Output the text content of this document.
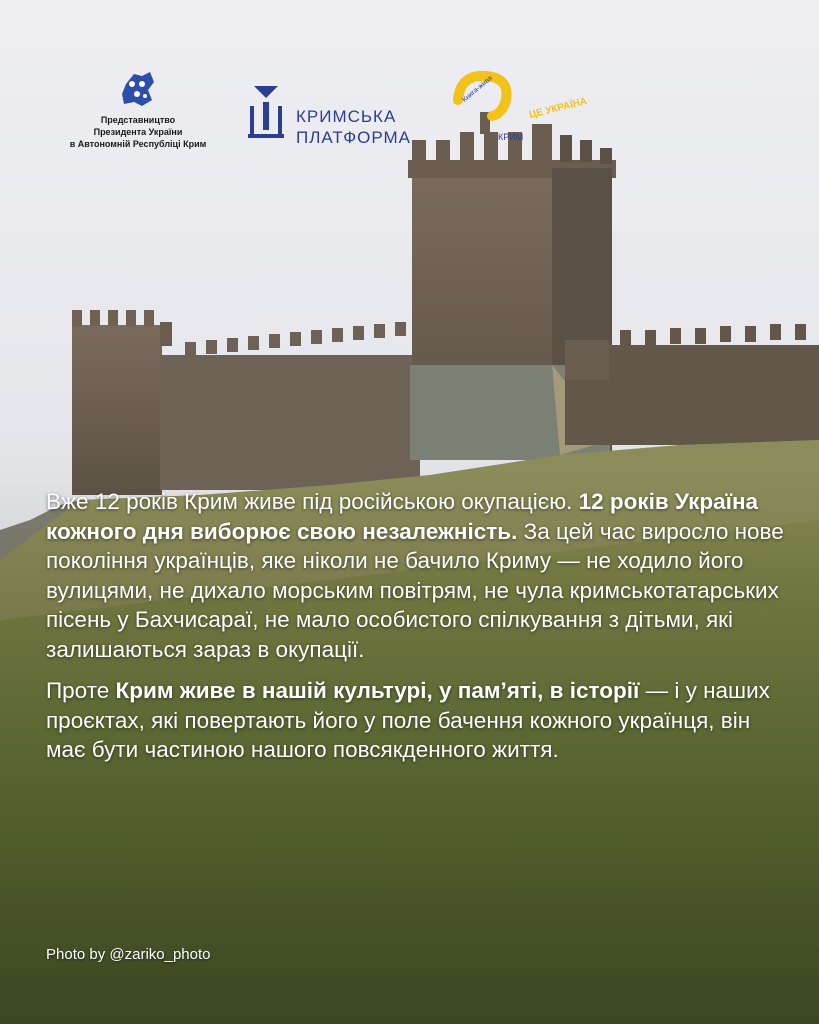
Представництво
Президента України
в Автономній Республіці Крим
КРИМСЬКА
ПЛАТФОРМА
Книга-жива
КРИМ
ЦЕ УКРАЇНА

Вже 12 років Крим живе під російською окупацією. 12 років Україна кожного дня виборює свою незалежність. За цей час виросло нове покоління українців, яке ніколи не бачило Криму — не ходило його вулицями, не дихало морським повітрям, не чула кримськотатарських пісень у Бахчисараї, не мало особистого спілкування з дітьми, які залишаються зараз в окупації.

Проте Крим живе в нашій культурі, у пам’яті, в історії — і у наших проєктах, які повертають його у поле бачення кожного українця, він має бути частиною нашого повсякденного життя.

Photo by @zariko_photo
